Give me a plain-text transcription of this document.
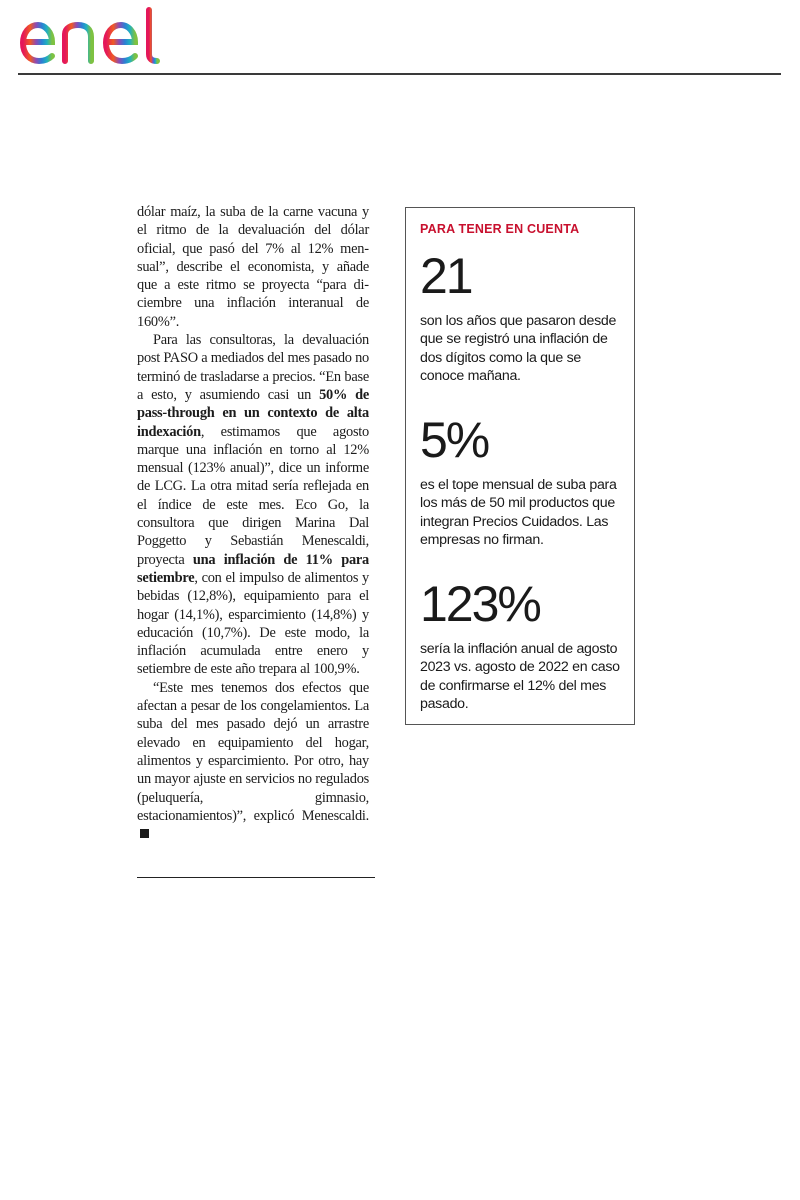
dólar maíz, la suba de la carne vacuna y el ritmo de la devaluación del dólar oficial, que pasó del 7% al 12% mensual”, describe el economista, y añade que a este ritmo se proyecta “para diciembre una inflación interanual de 160%”.

Para las consultoras, la devaluación post PASO a mediados del mes pasado no terminó de trasladarse a precios. “En base a esto, y asumiendo casi un 50% de pass-through en un contexto de alta indexación, estimamos que agosto marque una inflación en torno al 12% mensual (123% anual)”, dice un informe de LCG. La otra mitad sería reflejada en el índice de este mes. Eco Go, la consultora que dirigen Marina Dal Poggetto y Sebastián Menescaldi, proyecta una inflación de 11% para setiembre, con el impulso de alimentos y bebidas (12,8%), equipamiento para el hogar (14,1%), esparcimiento (14,8%) y educación (10,7%). De este modo, la inflación acumulada entre enero y setiembre de este año trepara al 100,9%.

“Este mes tenemos dos efectos que afectan a pesar de los congelamientos. La suba del mes pasado dejó un arrastre elevado en equipamiento del hogar, alimentos y esparcimiento. Por otro, hay un mayor ajuste en servicios no regulados (peluquería, gimnasio, estacionamientos)”, explicó Menescaldi.

PARA TENER EN CUENTA
21
son los años que pasaron desde que se registró una inflación de dos dígitos como la que se conoce mañana.
5%
es el tope mensual de suba para los más de 50 mil productos que integran Precios Cuidados. Las empresas no firman.
123%
sería la inflación anual de agosto 2023 vs. agosto de 2022 en caso de confirmarse el 12% del mes pasado.
